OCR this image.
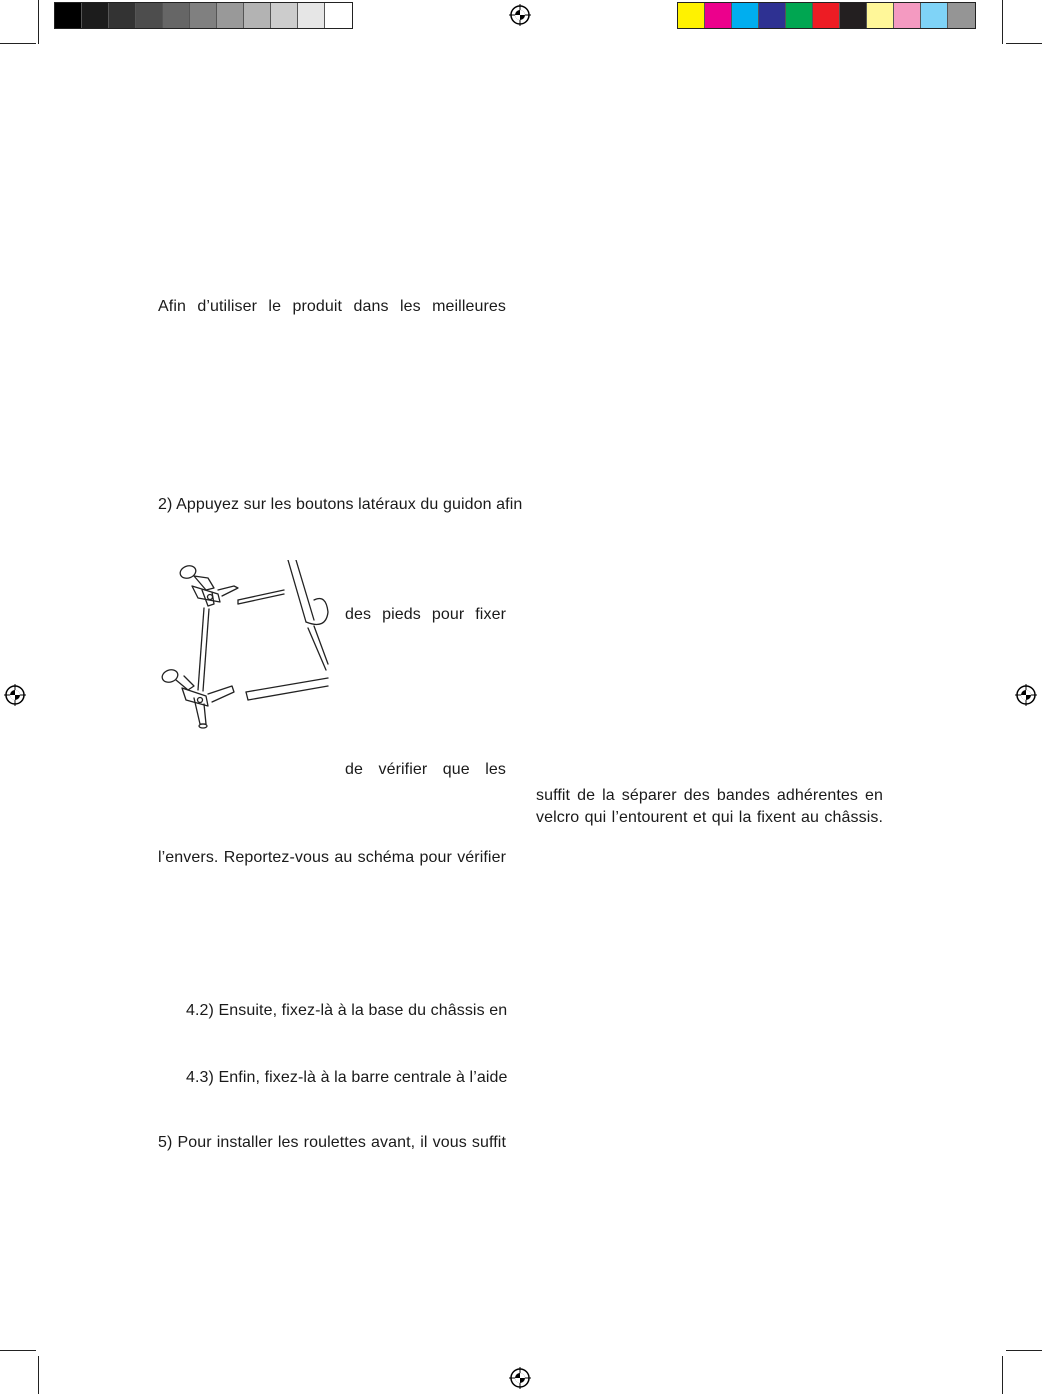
Afin d’utiliser le produit dans les meilleures
2) Appuyez sur les boutons latéraux du guidon afin
des pieds pour fixer
de vérifier que les
l’envers. Reportez-vous au schéma pour vérifier
4.2) Ensuite, fixez-là à la base du châssis en
4.3) Enfin, fixez-là à la barre centrale à l’aide
5) Pour installer les roulettes avant, il vous suffit
suffit de la séparer des bandes adhérentes en
velcro qui l’entourent et qui la fixent au châssis.
